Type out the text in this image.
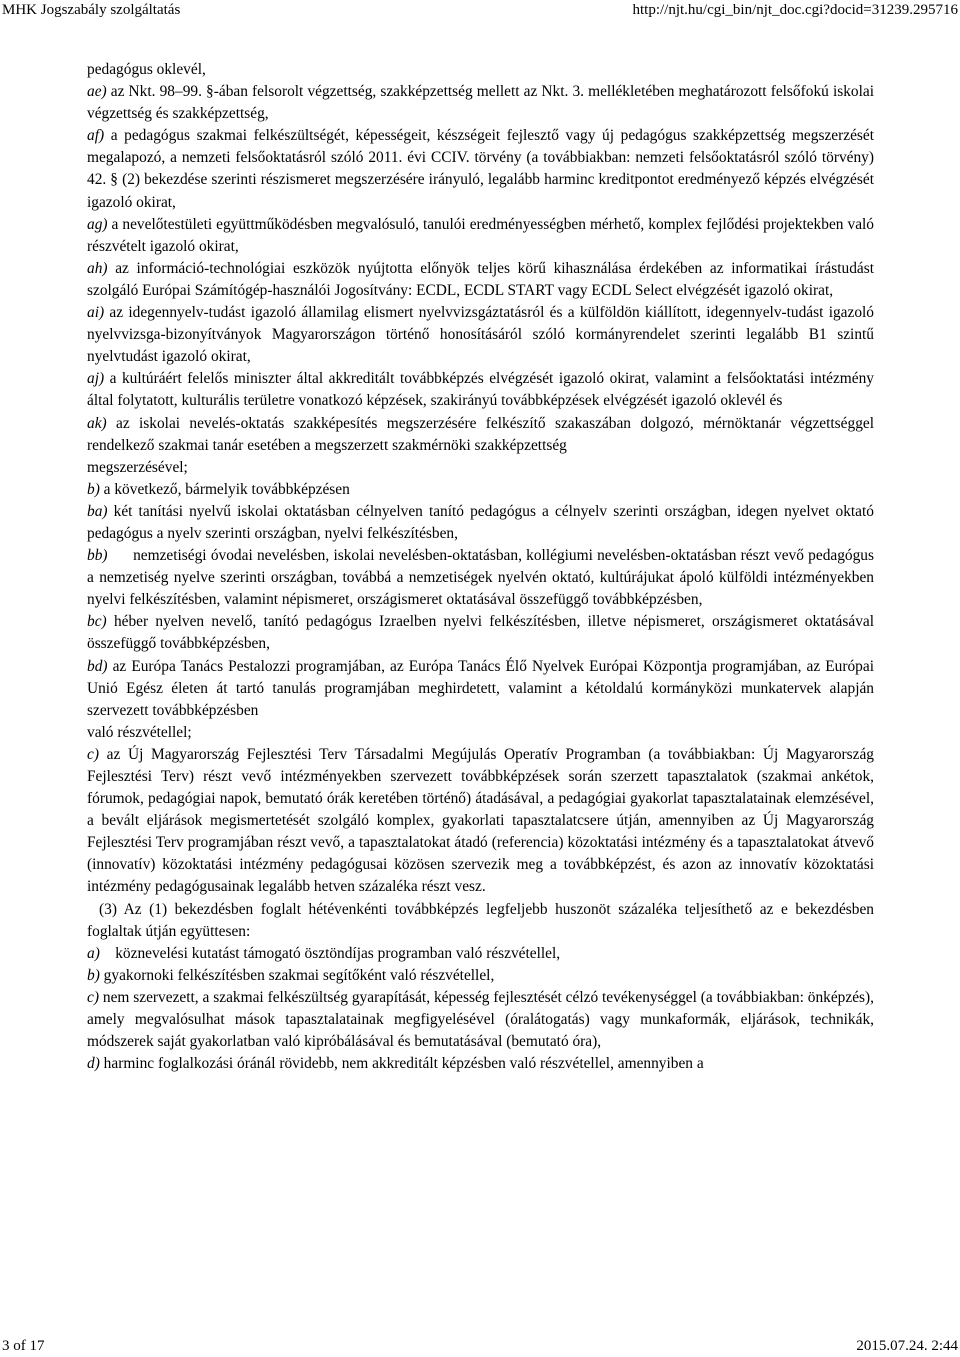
MHK Jogszabály szolgáltatás	http://njt.hu/cgi_bin/njt_doc.cgi?docid=31239.295716

pedagógus oklevél,

ae) az Nkt. 98–99. §-ában felsorolt végzettség, szakképzettség mellett az Nkt. 3. mellékletében meghatározott felsőfokú iskolai végzettség és szakképzettség,

af) a pedagógus szakmai felkészültségét, képességeit, készségeit fejlesztő vagy új pedagógus szakképzettség megszerzését megalapozó, a nemzeti felsőoktatásról szóló 2011. évi CCIV. törvény (a továbbiakban: nemzeti felsőoktatásról szóló törvény) 42. § (2) bekezdése szerinti részismeret megszerzésére irányuló, legalább harminc kreditpontot eredményező képzés elvégzését igazoló okirat,

ag) a nevelőtestületi együttműködésben megvalósuló, tanulói eredményességben mérhető, komplex fejlődési projektekben való részvételt igazoló okirat,

ah) az információ-technológiai eszközök nyújtotta előnyök teljes körű kihasználása érdekében az informatikai írástudást szolgáló Európai Számítógép-használói Jogosítvány: ECDL, ECDL START vagy ECDL Select elvégzését igazoló okirat,

ai) az idegennyelv-tudást igazoló államilag elismert nyelvvizsgáztatásról és a külföldön kiállított, idegennyelv-tudást igazoló nyelvvizsga-bizonyítványok Magyarországon történő honosításáról szóló kormányrendelet szerinti legalább B1 szintű nyelvtudást igazoló okirat,

aj) a kultúráért felelős miniszter által akkreditált továbbképzés elvégzését igazoló okirat, valamint a felsőoktatási intézmény által folytatott, kulturális területre vonatkozó képzések, szakirányú továbbképzések elvégzését igazoló oklevél és

ak) az iskolai nevelés-oktatás szakképesítés megszerzésére felkészítő szakaszában dolgozó, mérnöktanár végzettséggel rendelkező szakmai tanár esetében a megszerzett szakmérnöki szakképzettség

megszerzésével;

b) a következő, bármelyik továbbképzésen

ba) két tanítási nyelvű iskolai oktatásban célnyelven tanító pedagógus a célnyelv szerinti országban, idegen nyelvet oktató pedagógus a nyelv szerinti országban, nyelvi felkészítésben,

bb)      nemzetiségi óvodai nevelésben, iskolai nevelésben-oktatásban, kollégiumi nevelésben-oktatásban részt vevő pedagógus a nemzetiség nyelve szerinti országban, továbbá a nemzetiségek nyelvén oktató, kultúrájukat ápoló külföldi intézményekben nyelvi felkészítésben, valamint népismeret, országismeret oktatásával összefüggő továbbképzésben,

bc) héber nyelven nevelő, tanító pedagógus Izraelben nyelvi felkészítésben, illetve népismeret, országismeret oktatásával összefüggő továbbképzésben,

bd) az Európa Tanács Pestalozzi programjában, az Európa Tanács Élő Nyelvek Európai Központja programjában, az Európai Unió Egész életen át tartó tanulás programjában meghirdetett, valamint a kétoldalú kormányközi munkatervek alapján szervezett továbbképzésben

való részvétellel;

c) az Új Magyarország Fejlesztési Terv Társadalmi Megújulás Operatív Programban (a továbbiakban: Új Magyarország Fejlesztési Terv) részt vevő intézményekben szervezett továbbképzések során szerzett tapasztalatok (szakmai ankétok, fórumok, pedagógiai napok, bemutató órák keretében történő) átadásával, a pedagógiai gyakorlat tapasztalatainak elemzésével, a bevált eljárások megismertetését szolgáló komplex, gyakorlati tapasztalatcsere útján, amennyiben az Új Magyarország Fejlesztési Terv programjában részt vevő, a tapasztalatokat átadó (referencia) közoktatási intézmény és a tapasztalatokat átvevő (innovatív) közoktatási intézmény pedagógusai közösen szervezik meg a továbbképzést, és azon az innovatív közoktatási intézmény pedagógusainak legalább hetven százaléka részt vesz.

(3) Az (1) bekezdésben foglalt hétévenkénti továbbképzés legfeljebb huszonöt százaléka teljesíthető az e bekezdésben foglaltak útján együttesen:

a)    köznevelési kutatást támogató ösztöndíjas programban való részvétellel,

b) gyakornoki felkészítésben szakmai segítőként való részvétellel,

c) nem szervezett, a szakmai felkészültség gyarapítását, képesség fejlesztését célzó tevékenységgel (a továbbiakban: önképzés), amely megvalósulhat mások tapasztalatainak megfigyelésével (óralátogatás) vagy munkaformák, eljárások, technikák, módszerek saját gyakorlatban való kipróbálásával és bemutatásával (bemutató óra),

d) harminc foglalkozási óránál rövidebb, nem akkreditált képzésben való részvétellel, amennyiben a

3 of 17	2015.07.24. 2:44
